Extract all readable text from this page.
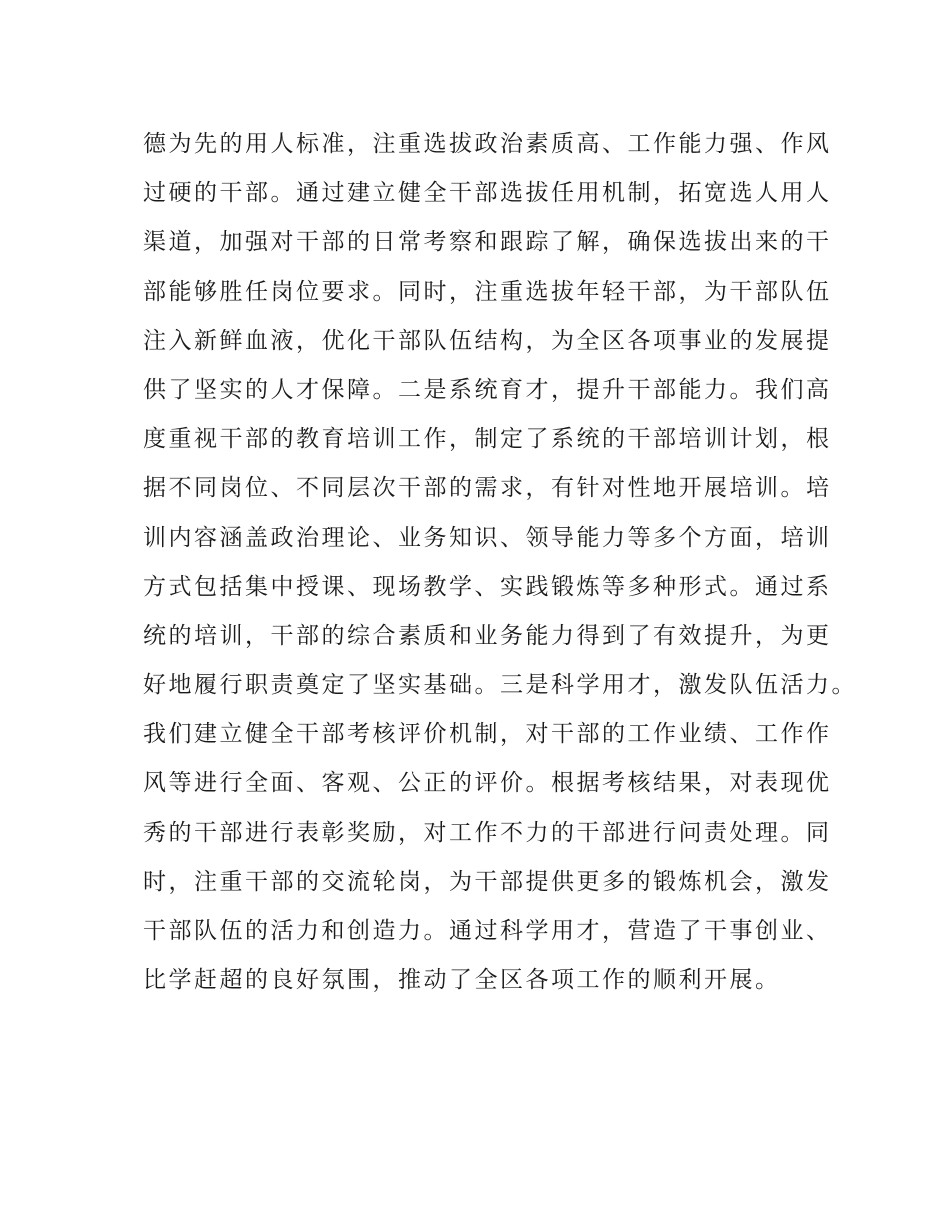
德为先的用人标准，注重选拔政治素质高、工作能力强、作风
过硬的干部。通过建立健全干部选拔任用机制，拓宽选人用人
渠道，加强对干部的日常考察和跟踪了解，确保选拔出来的干
部能够胜任岗位要求。同时，注重选拔年轻干部，为干部队伍
注入新鲜血液，优化干部队伍结构，为全区各项事业的发展提
供了坚实的人才保障。二是系统育才，提升干部能力。我们高
度重视干部的教育培训工作，制定了系统的干部培训计划，根
据不同岗位、不同层次干部的需求，有针对性地开展培训。培
训内容涵盖政治理论、业务知识、领导能力等多个方面，培训
方式包括集中授课、现场教学、实践锻炼等多种形式。通过系
统的培训，干部的综合素质和业务能力得到了有效提升，为更
好地履行职责奠定了坚实基础。三是科学用才，激发队伍活力。
我们建立健全干部考核评价机制，对干部的工作业绩、工作作
风等进行全面、客观、公正的评价。根据考核结果，对表现优
秀的干部进行表彰奖励，对工作不力的干部进行问责处理。同
时，注重干部的交流轮岗，为干部提供更多的锻炼机会，激发
干部队伍的活力和创造力。通过科学用才，营造了干事创业、
比学赶超的良好氛围，推动了全区各项工作的顺利开展。
